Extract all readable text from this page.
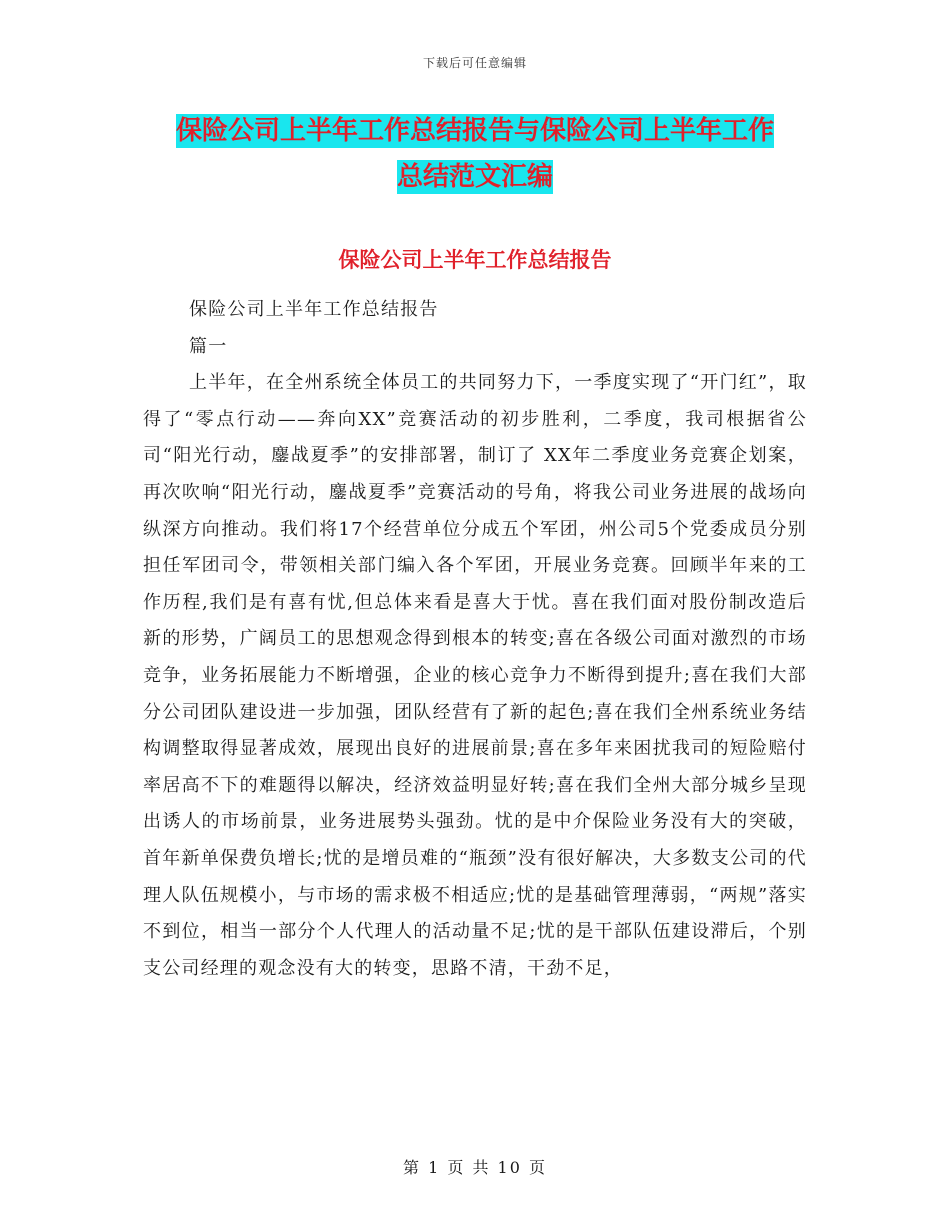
下载后可任意编辑
保险公司上半年工作总结报告与保险公司上半年工作
总结范文汇编
保险公司上半年工作总结报告

保险公司上半年工作总结报告

篇一

上半年，在全州系统全体员工的共同努力下，一季度实现了“开门红”，取得了“零点行动——奔向XX”竞赛活动的初步胜利，二季度，我司根据省公司“阳光行动，鏖战夏季”的安排部署，制订了 XX年二季度业务竞赛企划案，再次吹响“阳光行动，鏖战夏季”竞赛活动的号角，将我公司业务进展的战场向纵深方向推动。我们将17个经营单位分成五个军团，州公司5个党委成员分别担任军团司令，带领相关部门编入各个军团，开展业务竞赛。回顾半年来的工作历程,我们是有喜有忧,但总体来看是喜大于忧。喜在我们面对股份制改造后新的形势，广阔员工的思想观念得到根本的转变;喜在各级公司面对激烈的市场竞争，业务拓展能力不断增强，企业的核心竞争力不断得到提升;喜在我们大部分公司团队建设进一步加强，团队经营有了新的起色;喜在我们全州系统业务结构调整取得显著成效，展现出良好的进展前景;喜在多年来困扰我司的短险赔付率居高不下的难题得以解决，经济效益明显好转;喜在我们全州大部分城乡呈现出诱人的市场前景，业务进展势头强劲。忧的是中介保险业务没有大的突破，首年新单保费负增长;忧的是增员难的“瓶颈”没有很好解决，大多数支公司的代理人队伍规模小，与市场的需求极不相适应;忧的是基础管理薄弱，“两规”落实不到位，相当一部分个人代理人的活动量不足;忧的是干部队伍建设滞后，个别支公司经理的观念没有大的转变，思路不清，干劲不足，

第 1 页 共 10 页
